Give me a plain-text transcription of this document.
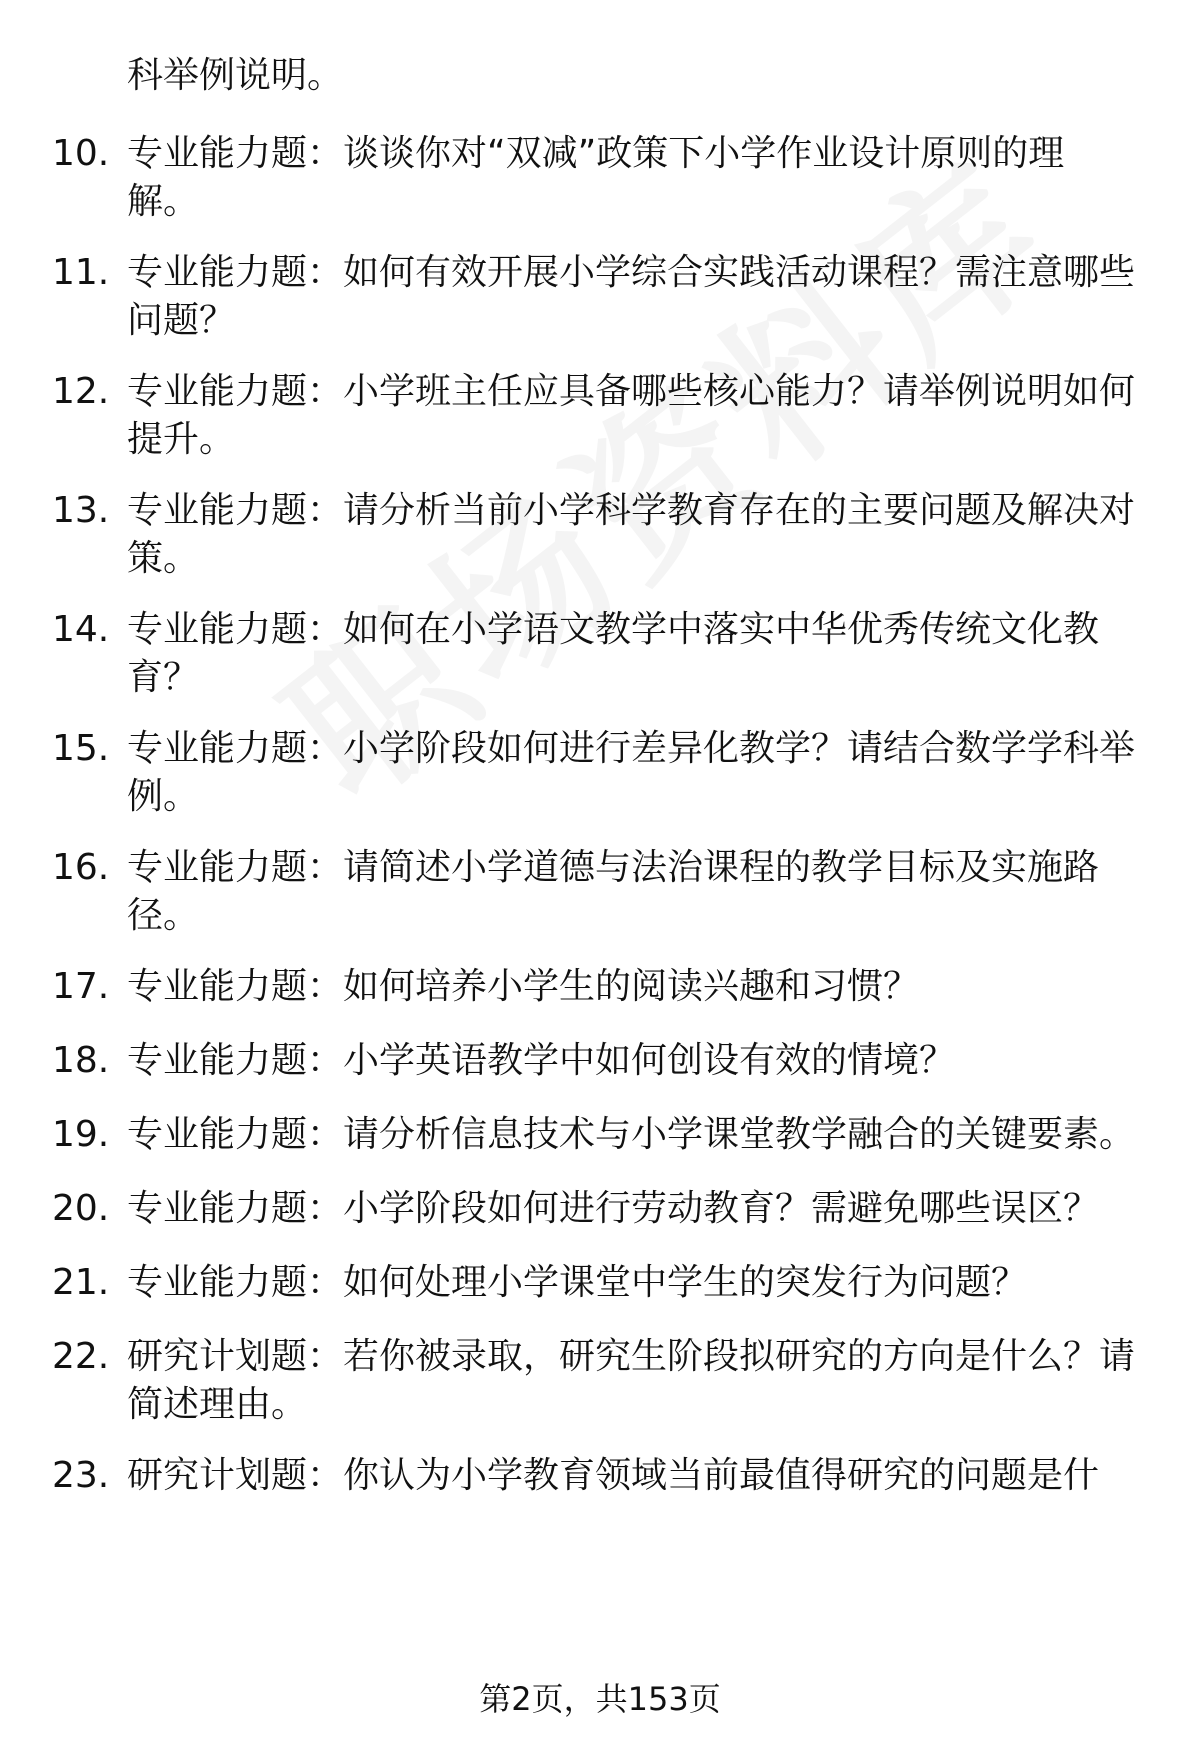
科举例说明。
10. 专业能力题：谈谈你对“双减”政策下小学作业设计原则的理
解。
11. 专业能力题：如何有效开展小学综合实践活动课程？需注意哪些
问题？
12. 专业能力题：小学班主任应具备哪些核心能力？请举例说明如何
提升。
13. 专业能力题：请分析当前小学科学教育存在的主要问题及解决对
策。
14. 专业能力题：如何在小学语文教学中落实中华优秀传统文化教
育？
15. 专业能力题：小学阶段如何进行差异化教学？请结合数学学科举
例。
16. 专业能力题：请简述小学道德与法治课程的教学目标及实施路
径。
17. 专业能力题：如何培养小学生的阅读兴趣和习惯？
18. 专业能力题：小学英语教学中如何创设有效的情境？
19. 专业能力题：请分析信息技术与小学课堂教学融合的关键要素。
20. 专业能力题：小学阶段如何进行劳动教育？需避免哪些误区？
21. 专业能力题：如何处理小学课堂中学生的突发行为问题？
22. 研究计划题：若你被录取，研究生阶段拟研究的方向是什么？请
简述理由。
23. 研究计划题：你认为小学教育领域当前最值得研究的问题是什
第2页，共153页
